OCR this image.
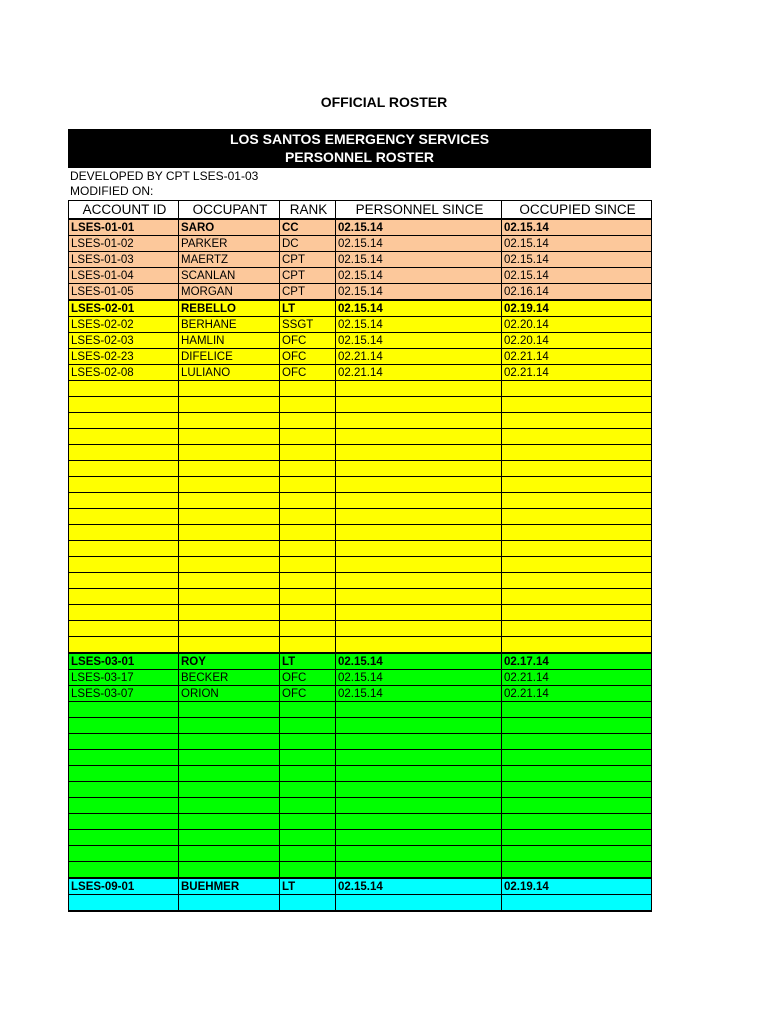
OFFICIAL ROSTER
LOS SANTOS EMERGENCY SERVICES
PERSONNEL ROSTER
DEVELOPED BY CPT LSES-01-03
MODIFIED ON:
ACCOUNT ID	OCCUPANT	RANK	PERSONNEL SINCE	OCCUPIED SINCE
LSES-01-01	SARO	CC	02.15.14	02.15.14
LSES-01-02	PARKER	DC	02.15.14	02.15.14
LSES-01-03	MAERTZ	CPT	02.15.14	02.15.14
LSES-01-04	SCANLAN	CPT	02.15.14	02.15.14
LSES-01-05	MORGAN	CPT	02.15.14	02.16.14
LSES-02-01	REBELLO	LT	02.15.14	02.19.14
LSES-02-02	BERHANE	SSGT	02.15.14	02.20.14
LSES-02-03	HAMLIN	OFC	02.15.14	02.20.14
LSES-02-23	DIFELICE	OFC	02.21.14	02.21.14
LSES-02-08	LULIANO	OFC	02.21.14	02.21.14

LSES-03-01	ROY	LT	02.15.14	02.17.14
LSES-03-17	BECKER	OFC	02.15.14	02.21.14
LSES-03-07	ORION	OFC	02.15.14	02.21.14

LSES-09-01	BUEHMER	LT	02.15.14	02.19.14
